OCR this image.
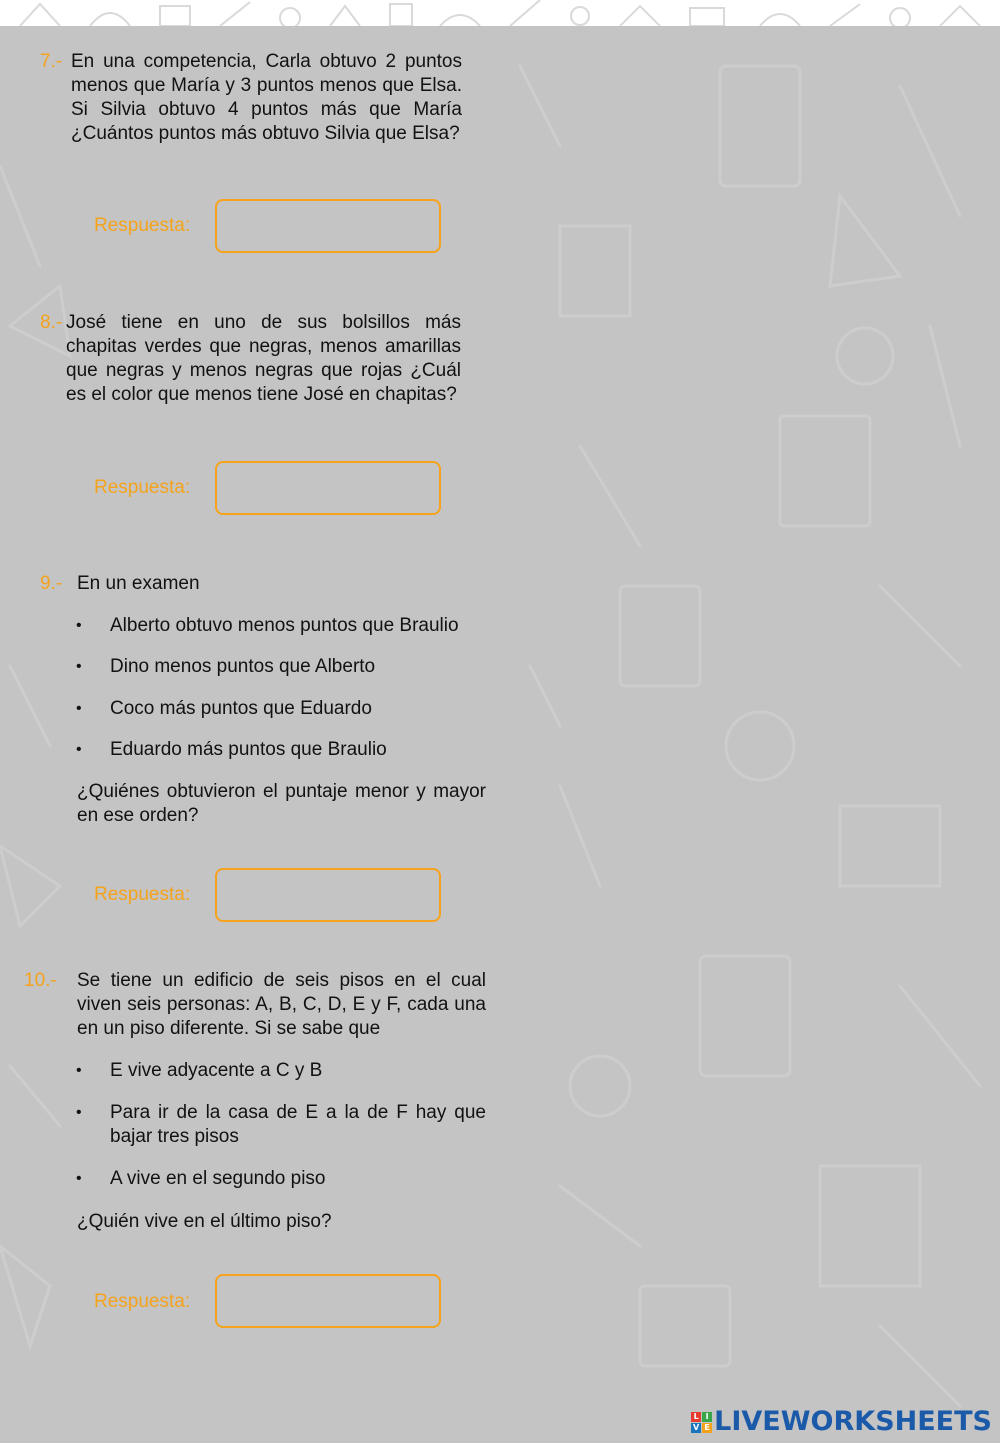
7.- En una competencia, Carla obtuvo 2 puntos menos que María y 3 puntos menos que Elsa. Si Silvia obtuvo 4 puntos más que María ¿Cuántos puntos más obtuvo Silvia que Elsa?
Respuesta:
8.- José tiene en uno de sus bolsillos más chapitas verdes que negras, menos amarillas que negras y menos negras que rojas ¿Cuál es el color que menos tiene José en chapitas?
Respuesta:
9.- En un examen
• Alberto obtuvo menos puntos que Braulio
• Dino menos puntos que Alberto
• Coco más puntos que Eduardo
• Eduardo más puntos que Braulio
¿Quiénes obtuvieron el puntaje menor y mayor en ese orden?
Respuesta:
10.- Se tiene un edificio de seis pisos en el cual viven seis personas: A, B, C, D, E y F, cada una en un piso diferente. Si se sabe que
• E vive adyacente a C y B
• Para ir de la casa de E a la de F hay que bajar tres pisos
• A vive en el segundo piso
¿Quién vive en el último piso?
Respuesta:
L I
V E LIVEWORKSHEETS
